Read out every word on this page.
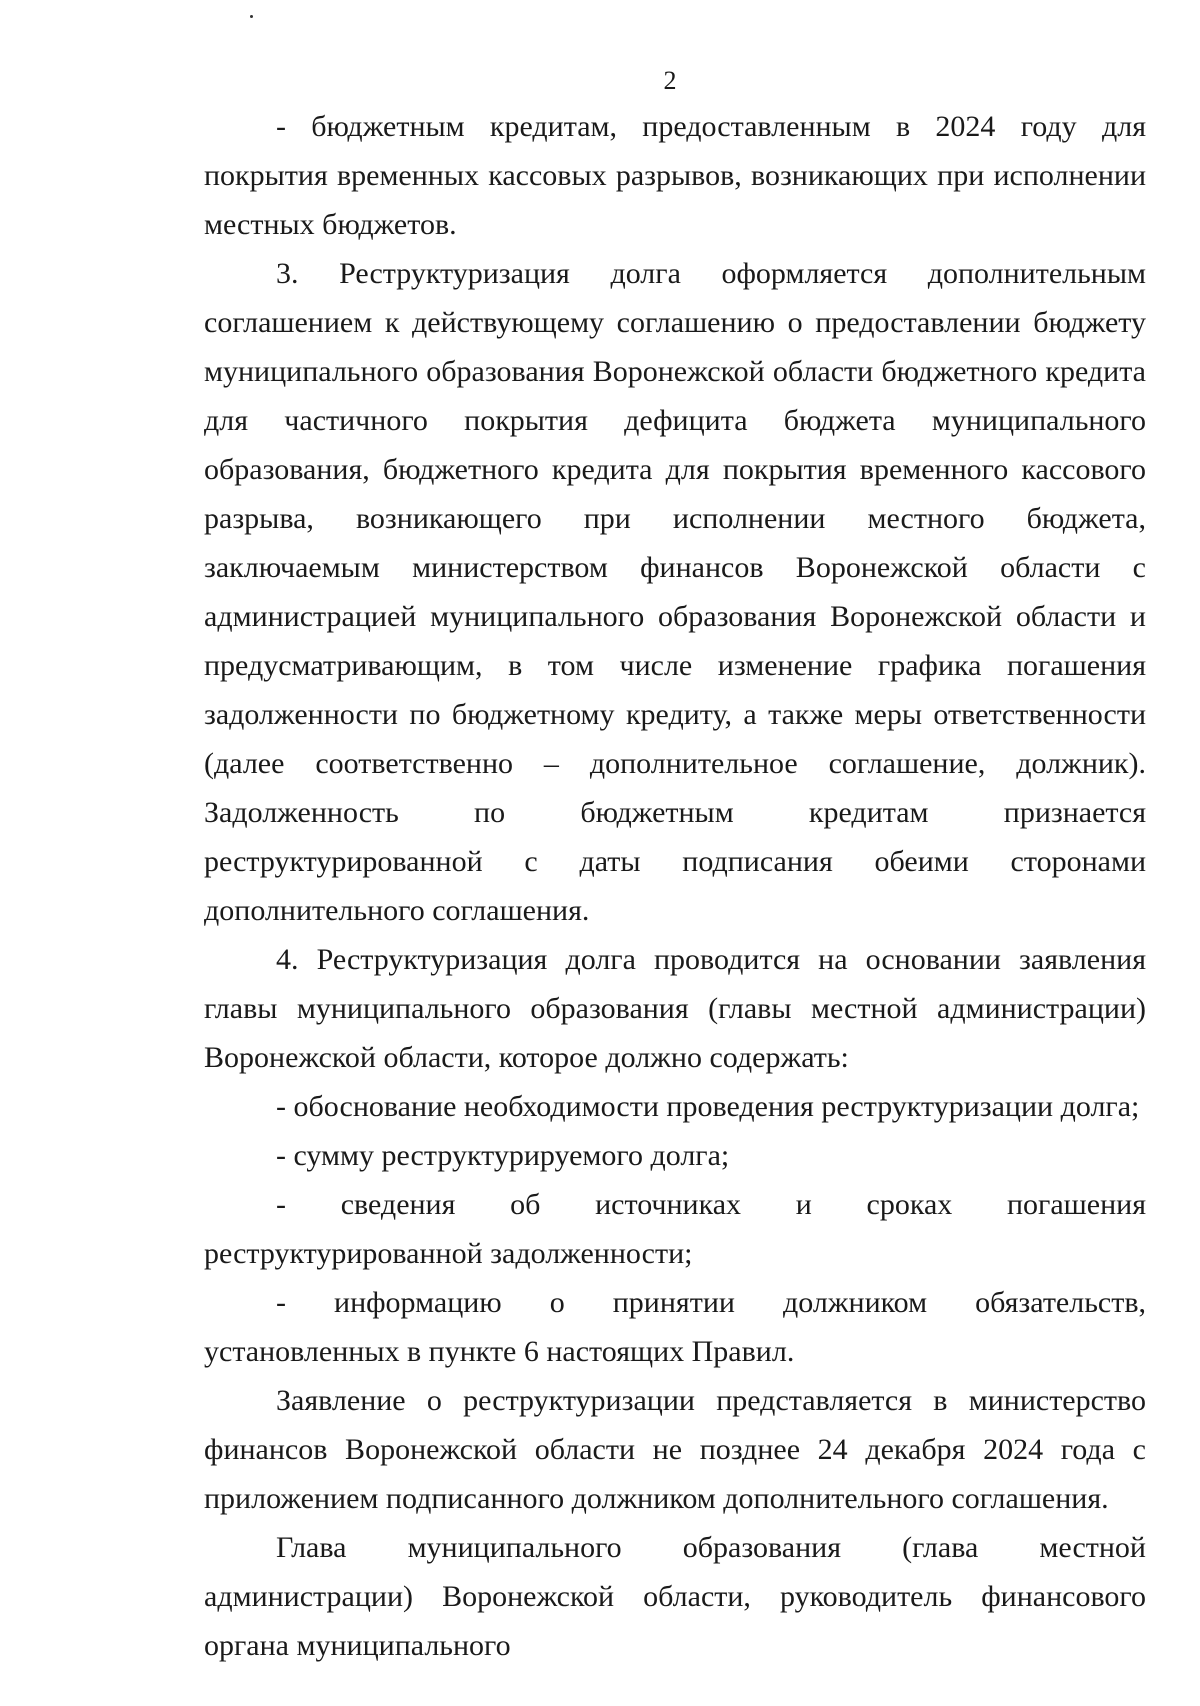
2

- бюджетным кредитам, предоставленным в 2024 году для покрытия временных кассовых разрывов, возникающих при исполнении местных бюджетов.

3. Реструктуризация долга оформляется дополнительным соглашением к действующему соглашению о предоставлении бюджету муниципального образования Воронежской области бюджетного кредита для частичного покрытия дефицита бюджета муниципального образования, бюджетного кредита для покрытия временного кассового разрыва, возникающего при исполнении местного бюджета, заключаемым министерством финансов Воронежской области с администрацией муниципального образования Воронежской области и предусматривающим, в том числе изменение графика погашения задолженности по бюджетному кредиту, а также меры ответственности (далее соответственно – дополнительное соглашение, должник). Задолженность по бюджетным кредитам признается реструктурированной с даты подписания обеими сторонами дополнительного соглашения.

4. Реструктуризация долга проводится на основании заявления главы муниципального образования (главы местной администрации) Воронежской области, которое должно содержать:

- обоснование необходимости проведения реструктуризации долга;

- сумму реструктурируемого долга;

- сведения об источниках и сроках погашения реструктурированной задолженности;

- информацию о принятии должником обязательств, установленных в пункте 6 настоящих Правил.

Заявление о реструктуризации представляется в министерство финансов Воронежской области не позднее 24 декабря 2024 года с приложением подписанного должником дополнительного соглашения.

Глава муниципального образования (глава местной администрации) Воронежской области, руководитель финансового органа муниципального
